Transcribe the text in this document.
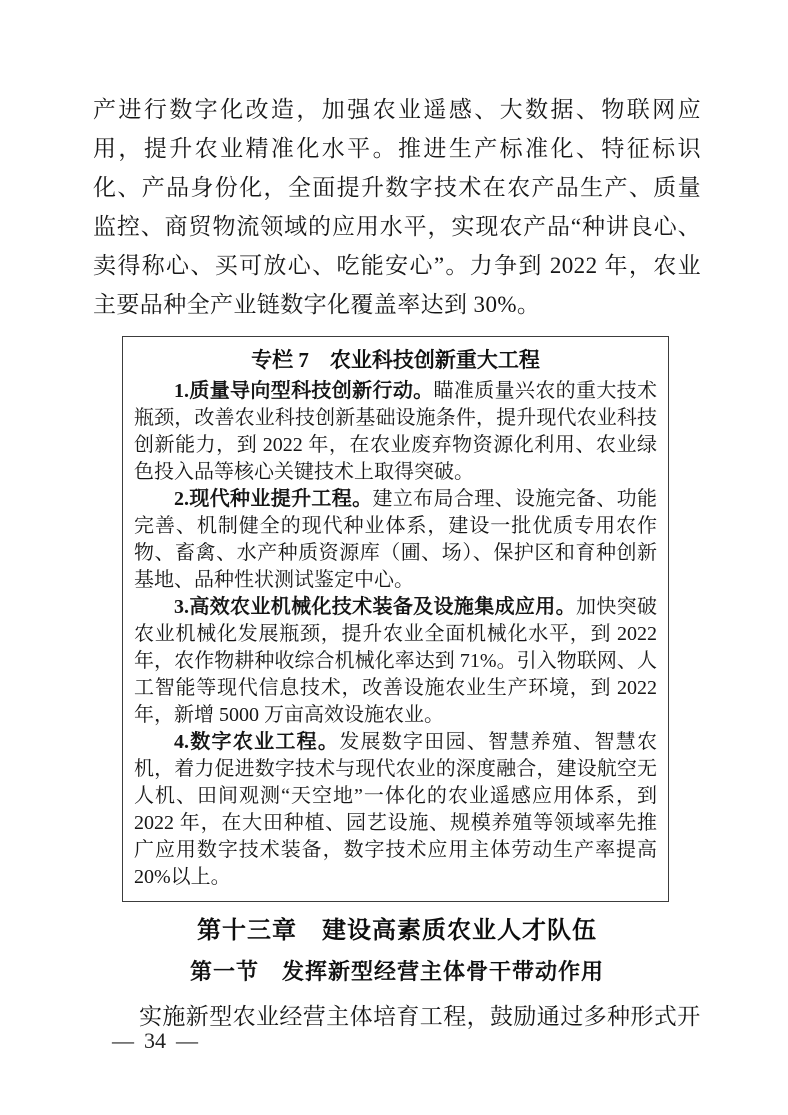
产进行数字化改造，加强农业遥感、大数据、物联网应用，提升农业精准化水平。推进生产标准化、特征标识化、产品身份化，全面提升数字技术在农产品生产、质量监控、商贸物流领域的应用水平，实现农产品“种讲良心、卖得称心、买可放心、吃能安心”。力争到 2022 年，农业主要品种全产业链数字化覆盖率达到 30%。

专栏 7　农业科技创新重大工程

1.质量导向型科技创新行动。瞄准质量兴农的重大技术瓶颈，改善农业科技创新基础设施条件，提升现代农业科技创新能力，到 2022 年，在农业废弃物资源化利用、农业绿色投入品等核心关键技术上取得突破。

2.现代种业提升工程。建立布局合理、设施完备、功能完善、机制健全的现代种业体系，建设一批优质专用农作物、畜禽、水产种质资源库（圃、场）、保护区和育种创新基地、品种性状测试鉴定中心。

3.高效农业机械化技术装备及设施集成应用。加快突破农业机械化发展瓶颈，提升农业全面机械化水平，到 2022 年，农作物耕种收综合机械化率达到 71%。引入物联网、人工智能等现代信息技术，改善设施农业生产环境，到 2022 年，新增 5000 万亩高效设施农业。

4.数字农业工程。发展数字田园、智慧养殖、智慧农机，着力促进数字技术与现代农业的深度融合，建设航空无人机、田间观测“天空地”一体化的农业遥感应用体系，到 2022 年，在大田种植、园艺设施、规模养殖等领域率先推广应用数字技术装备，数字技术应用主体劳动生产率提高 20%以上。

第十三章　建设高素质农业人才队伍
第一节　发挥新型经营主体骨干带动作用

实施新型农业经营主体培育工程，鼓励通过多种形式开

— 34 —
